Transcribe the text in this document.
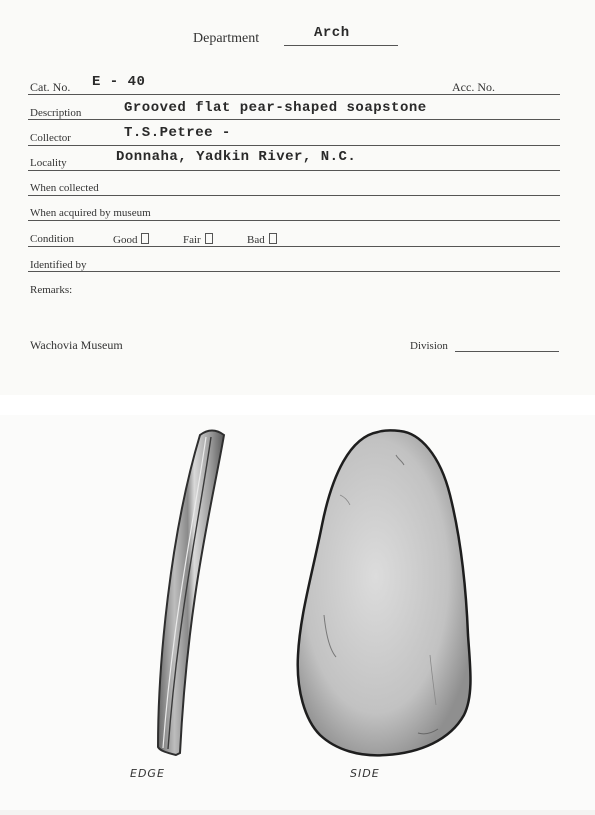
Department	Arch
Cat. No. E - 40	Acc. No.
Description	Grooved flat pear-shaped soapstone
Collector	T.S.Petree -
Locality	Donnaha, Yadkin River, N.C.
When collected
When acquired by museum
Condition	Good	Fair	Bad
Identified by
Remarks:
Wachovia Museum	Division
EDGE	SIDE
